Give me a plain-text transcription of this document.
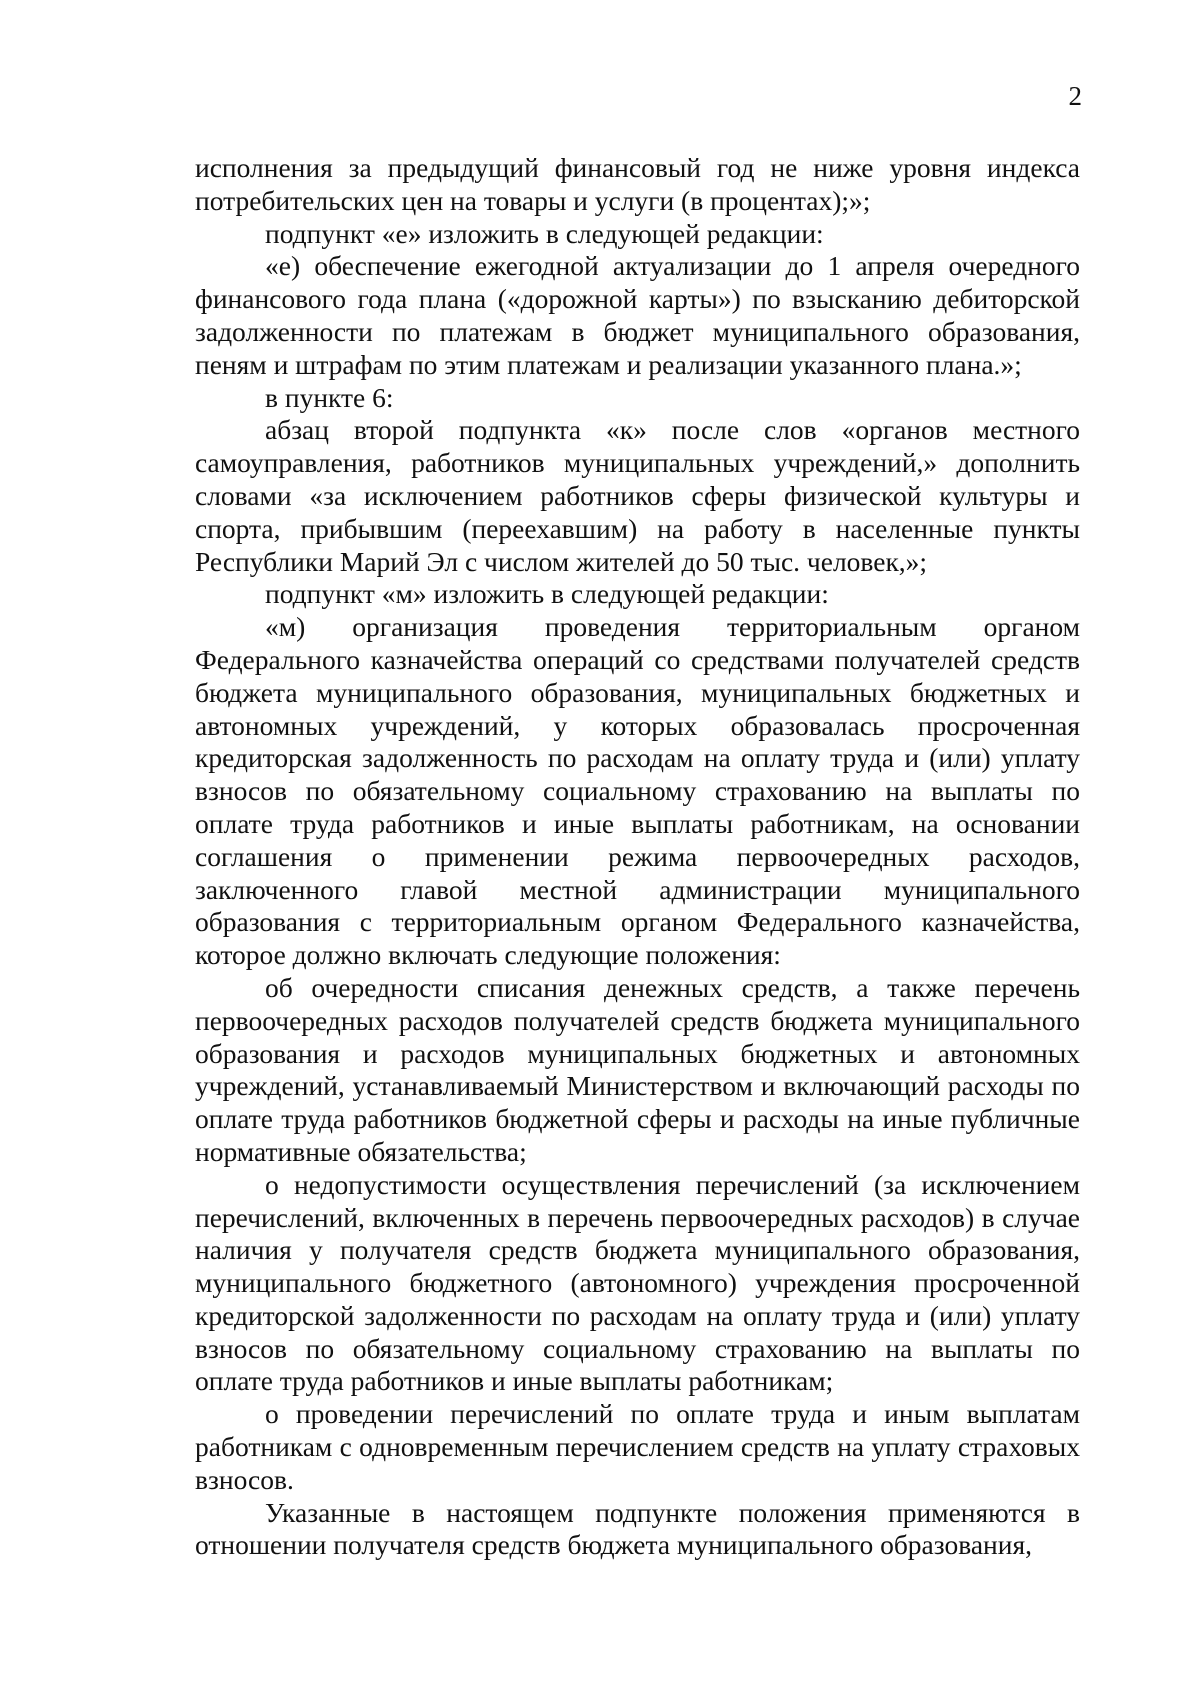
2

исполнения за предыдущий финансовый год не ниже уровня индекса потребительских цен на товары и услуги (в процентах);»;

подпункт «е» изложить в следующей редакции:

«е) обеспечение ежегодной актуализации до 1 апреля очередного финансового года плана («дорожной карты») по взысканию дебиторской задолженности по платежам в бюджет муниципального образования, пеням и штрафам по этим платежам и реализации указанного плана.»;

в пункте 6:

абзац второй подпункта «к» после слов «органов местного самоуправления, работников муниципальных учреждений,» дополнить словами «за исключением работников сферы физической культуры и спорта, прибывшим (переехавшим) на работу в населенные пункты Республики Марий Эл с числом жителей до 50 тыс. человек,»;

подпункт «м» изложить в следующей редакции:

«м) организация проведения территориальным органом Федерального казначейства операций со средствами получателей средств бюджета муниципального образования, муниципальных бюджетных и автономных учреждений, у которых образовалась просроченная кредиторская задолженность по расходам на оплату труда и (или) уплату взносов по обязательному социальному страхованию на выплаты по оплате труда работников и иные выплаты работникам, на основании соглашения о применении режима первоочередных расходов, заключенного главой местной администрации муниципального образования с территориальным органом Федерального казначейства, которое должно включать следующие положения:

об очередности списания денежных средств, а также перечень первоочередных расходов получателей средств бюджета муниципального образования и расходов муниципальных бюджетных и автономных учреждений, устанавливаемый Министерством и включающий расходы по оплате труда работников бюджетной сферы и расходы на иные публичные нормативные обязательства;

о недопустимости осуществления перечислений (за исключением перечислений, включенных в перечень первоочередных расходов) в случае наличия у получателя средств бюджета муниципального образования, муниципального бюджетного (автономного) учреждения просроченной кредиторской задолженности по расходам на оплату труда и (или) уплату взносов по обязательному социальному страхованию на выплаты по оплате труда работников и иные выплаты работникам;

о проведении перечислений по оплате труда и иным выплатам работникам с одновременным перечислением средств на уплату страховых взносов.

Указанные в настоящем подпункте положения применяются в отношении получателя средств бюджета муниципального образования,
